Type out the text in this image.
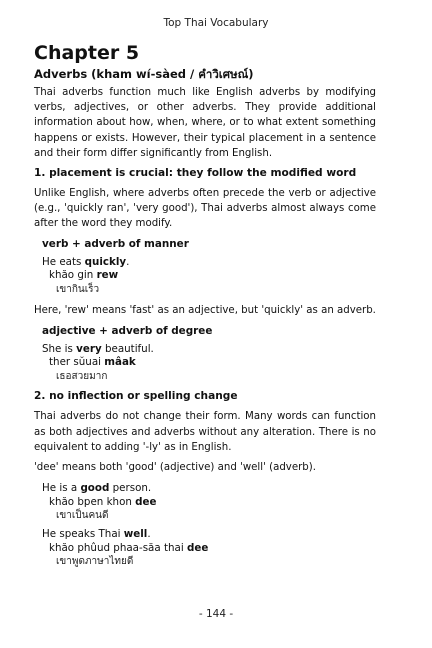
Top Thai Vocabulary
Chapter 5
Adverbs (kham wí-sàed / คำวิเศษณ์)

Thai adverbs function much like English adverbs by modifying verbs, adjectives, or other adverbs. They provide additional information about how, when, where, or to what extent something happens or exists. However, their typical placement in a sentence and their form differ significantly from English.

1. placement is crucial: they follow the modified word

Unlike English, where adverbs often precede the verb or adjective (e.g., 'quickly ran', 'very good'), Thai adverbs almost always come after the word they modify.

verb + adverb of manner
He eats quickly.
khăo gin rew
เขากินเร็ว

Here, 'rew' means 'fast' as an adjective, but 'quickly' as an adverb.

adjective + adverb of degree
She is very beautiful.
ther sŭuai mâak
เธอสวยมาก
2. no inflection or spelling change

Thai adverbs do not change their form. Many words can function as both adjectives and adverbs without any alteration. There is no equivalent to adding '-ly' as in English.

'dee' means both 'good' (adjective) and 'well' (adverb).

He is a good person.
khăo bpen khon dee
เขาเป็นคนดี
He speaks Thai well.
khăo phûud phaa-săa thai dee
เขาพูดภาษาไทยดี
- 144 -
